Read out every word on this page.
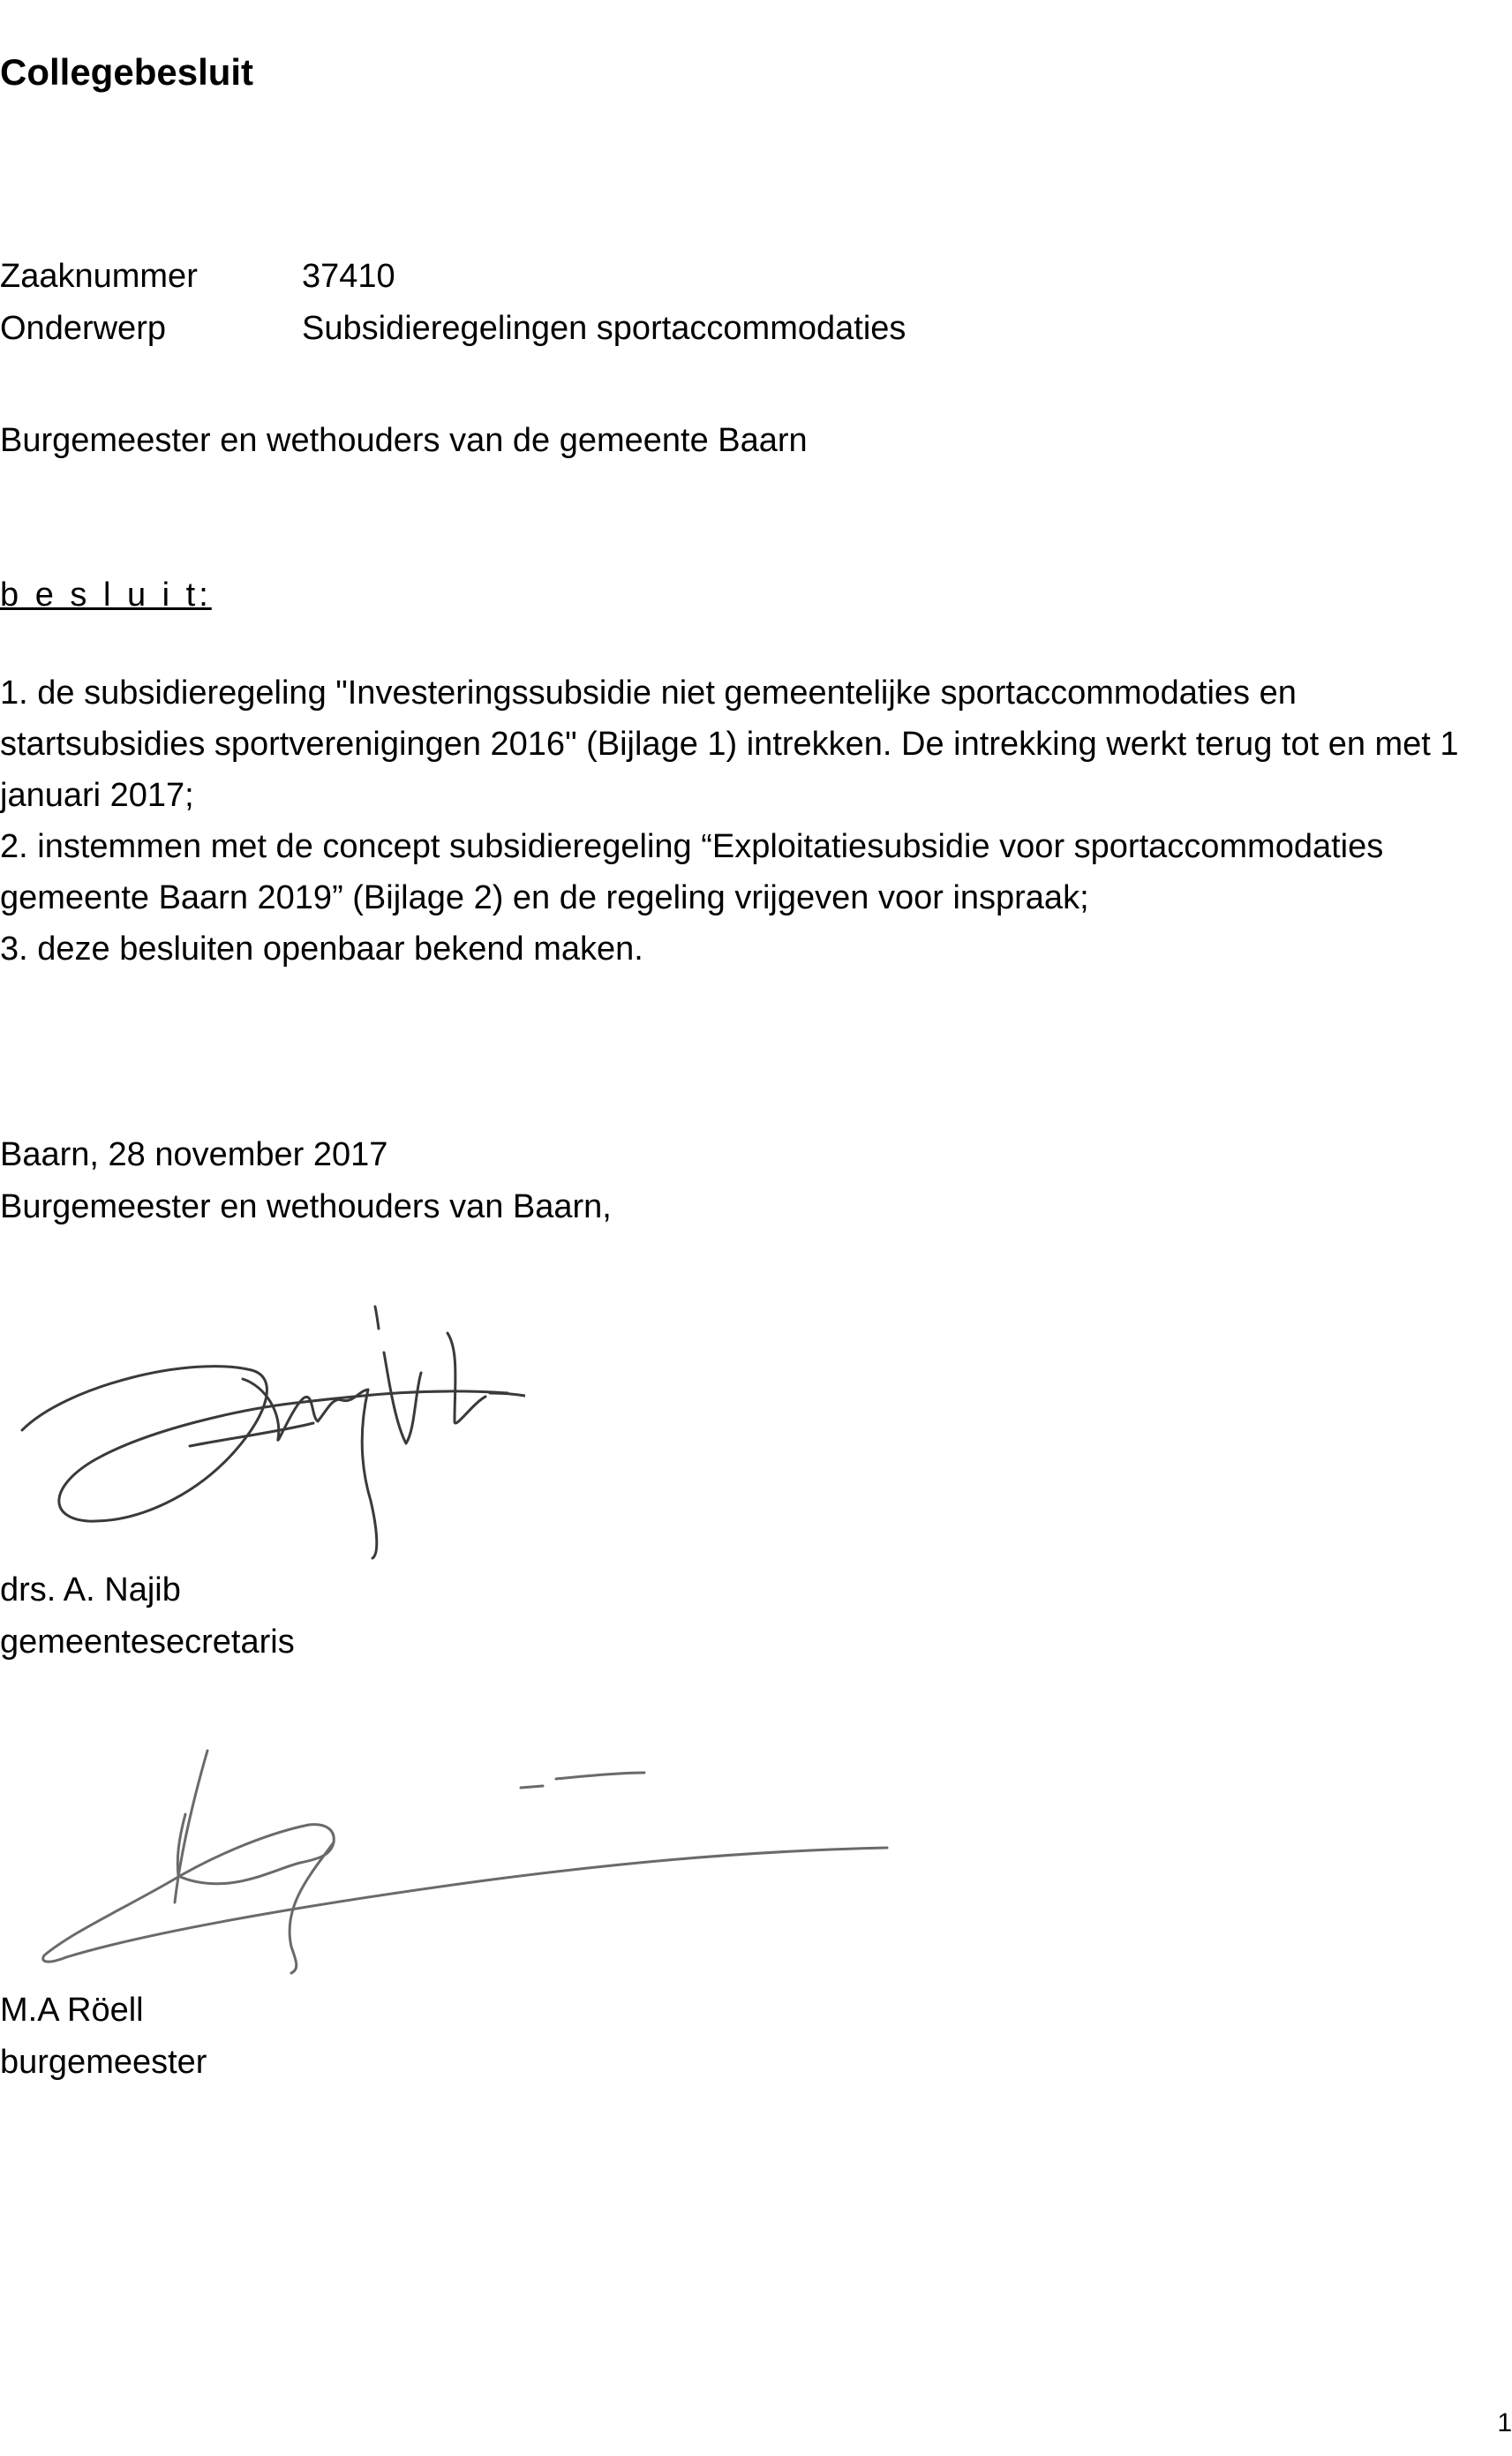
Collegebesluit
Zaaknummer	37410
Onderwerp	Subsidieregelingen sportaccommodaties

Burgemeester en wethouders van de gemeente Baarn

b e s l u i t:

1. de subsidieregeling "Investeringssubsidie niet gemeentelijke sportaccommodaties en startsubsidies sportverenigingen 2016" (Bijlage 1) intrekken. De intrekking werkt terug tot en met 1 januari 2017;
2. instemmen met de concept subsidieregeling “Exploitatiesubsidie voor sportaccommodaties gemeente Baarn 2019” (Bijlage 2) en de regeling vrijgeven voor inspraak;
3. deze besluiten openbaar bekend maken.

Baarn, 28 november 2017

Burgemeester en wethouders van Baarn,

drs. A. Najib

gemeentesecretaris

M.A Röell

burgemeester

1
